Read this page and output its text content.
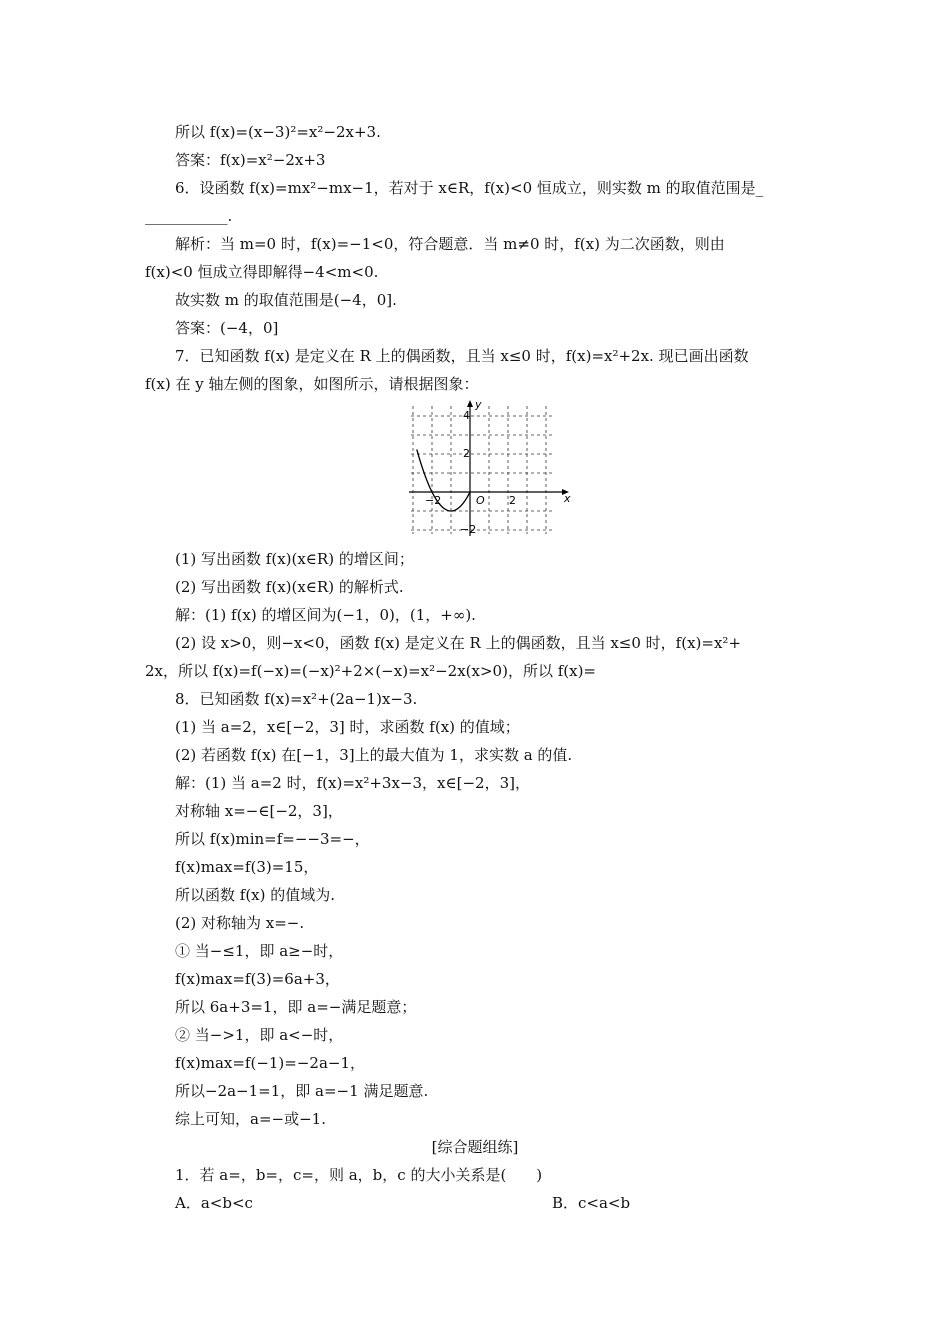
所以 f(x)=(x−3)²=x²−2x+3.
答案：f(x)=x²−2x+3
6．设函数 f(x)=mx²−mx−1，若对于 x∈R，f(x)<0 恒成立，则实数 m 的取值范围是_
___________.
解析：当 m=0 时，f(x)=−1<0，符合题意．当 m≠0 时，f(x) 为二次函数，则由
f(x)<0 恒成立得即解得−4<m<0.
故实数 m 的取值范围是(−4，0].
答案：(−4，0]
7．已知函数 f(x) 是定义在 R 上的偶函数，且当 x≤0 时，f(x)=x²+2x. 现已画出函数
f(x) 在 y 轴左侧的图象，如图所示，请根据图象：
x
y
O
−2	2
4
2
−2
(1) 写出函数 f(x)(x∈R) 的增区间；
(2) 写出函数 f(x)(x∈R) 的解析式.
解：(1) f(x) 的增区间为(−1，0)，(1，+∞).
(2) 设 x>0，则−x<0，函数 f(x) 是定义在 R 上的偶函数，且当 x≤0 时，f(x)=x²+
2x，所以 f(x)=f(−x)=(−x)²+2×(−x)=x²−2x(x>0)，所以 f(x)=
8．已知函数 f(x)=x²+(2a−1)x−3.
(1) 当 a=2，x∈[−2，3] 时，求函数 f(x) 的值域；
(2) 若函数 f(x) 在[−1，3]上的最大值为 1，求实数 a 的值.
解：(1) 当 a=2 时，f(x)=x²+3x−3，x∈[−2，3]，
对称轴 x=−∈[−2，3]，
所以 f(x)min=f=−−3=−，
f(x)max=f(3)=15，
所以函数 f(x) 的值域为.
(2) 对称轴为 x=−.
① 当−≤1，即 a≥−时，
f(x)max=f(3)=6a+3，
所以 6a+3=1，即 a=−满足题意；
② 当−>1，即 a<−时，
f(x)max=f(−1)=−2a−1，
所以−2a−1=1，即 a=−1 满足题意.
综上可知，a=−或−1.
[综合题组练]
1．若 a=，b=，c=，则 a，b，c 的大小关系是(　　)
A．a<b<c	B．c<a<b
